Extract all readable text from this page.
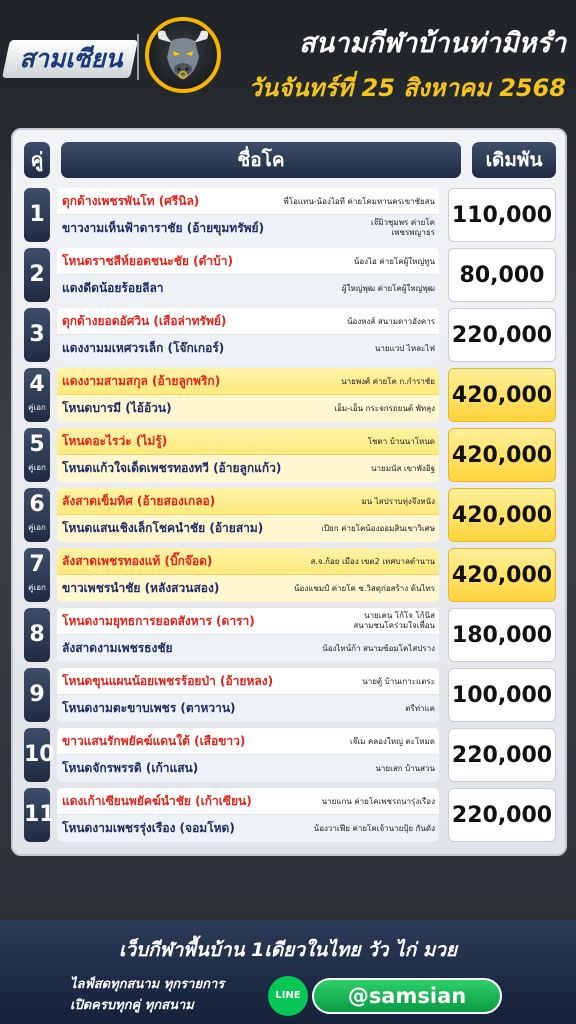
สามเซียน	สนามกีฬาบ้านท่ามิหรำ
วันจันทร์ที่ 25 สิงหาคม 2568
คู่	ชื่อโค	เดิมพัน
1
ดุกด้างเพชรพันโท (ศรีนิล)	พี่โอแทน-น้องไอที ค่ายโคมหานครเขาชัยสน
ขาวงามเห็นฟ้าดาราชัย (อ้ายขุมทรัพย์)	เจ๊มิวชุมพร ค่ายโค
เพชรพญาธร
110,000
2
โหนดราชสีห์ยอดชนะชัย (ดำบ้า)	น้องไอ ค่ายโคผู้ใหญ่ทูน
แดงดีดน้อยร้อยลีลา	ผู้ใหญ่พุฒ ค่ายโคผู้ใหญ่พุฒ
80,000
3
ดุกด้างยอดอัศวิน (เสือล่าทรัพย์)	น้องหงส์ สนามดาวอังคาร
แดงงามมเหศวรเล็ก (โจ๊กเกอร์)	นายแวป ไหละไฟ
220,000
4
คู่เอก
แดงงามสามสกุล (อ้ายลูกพริก)	นายพงศ์ ค่ายโค ก.กำราชัย
โหนดบารมี (ไอ้อ้วน)	เอ็ม-เอ็น กระจกรถยนต์ พัทลุง
420,000
5
คู่เอก
โหนดอะไรว่ะ (ไม่รู้)	โชตา บ้านนาโหนด
โหนดแก้วใจเด็ดเพชรทองทวี (อ้ายลูกแก้ว)	นายมนัส เขาพังอิฐ
420,000
6
คู่เอก
ลังสาดเข็มทิศ (อ้ายสองเกลอ)	มน ไสปราบทุ่งจึงหนัง
โหนดแสนเชิงเล็กโชคนำชัย (อ้ายสาม)	เปียก ค่ายโคน้องออมสินเขาวิเศษ
420,000
7
คู่เอก
ลังสาดเพชรทองแท้ (บิ๊กจ๊อด)	ส.จ.ก้อย เมือง เขต2 เทศบาลตำนาน
ขาวเพชรนำชัย (หลังสวนสอง)	น้องแชมป์ ค่ายโค ช.วิสดุก่อสร้าง ต้นไทร
420,000
8
โหนดงามยุทธการยอดสังหาร (ดารา)	นายเคน โก้โจ โก้นิส
สนามชนโคร่วมใจเพื่อน
ลังสาดงามเพชรธงชัย	น้องไทน์ก้า สนามซ้อมโคไสปราง
180,000
9
โหนดขุนแผนน้อยเพชรร้อยป่า (อ้ายหลง)	นายตู้ บ้านเกาะแตระ
โหนดงามตะขาบเพชร (ตาหวาน)	ตรีท่าแค
100,000
10
ขาวแสนรักพยัคฆ์แดนใต้ (เสือขาว)	เจ๊เม คลองใหญ่ ตะโหมด
โหนดจักรพรรดิ (เก้าแสน)	นายเสก บ้านสวน
220,000
11
แดงเก้าเซียนพยัคฆ์นำชัย (เก้าเซียน)	นายแกน ค่ายโคเพชรถนารุ่งเรือง
โหนดงามเพชรรุ่งเรือง (จอมโหด)	น้องวาเฟีย ค่ายโคเจ้านายปุ้ย กันดัง
220,000
เว็บกีฬาพื้นบ้าน 1เดียวในไทย วัว ไก่ มวย
ไลฟ์สดทุกสนาม ทุกรายการ
เปิดครบทุกคู่ ทุกสนาม
LINE	@samsian
